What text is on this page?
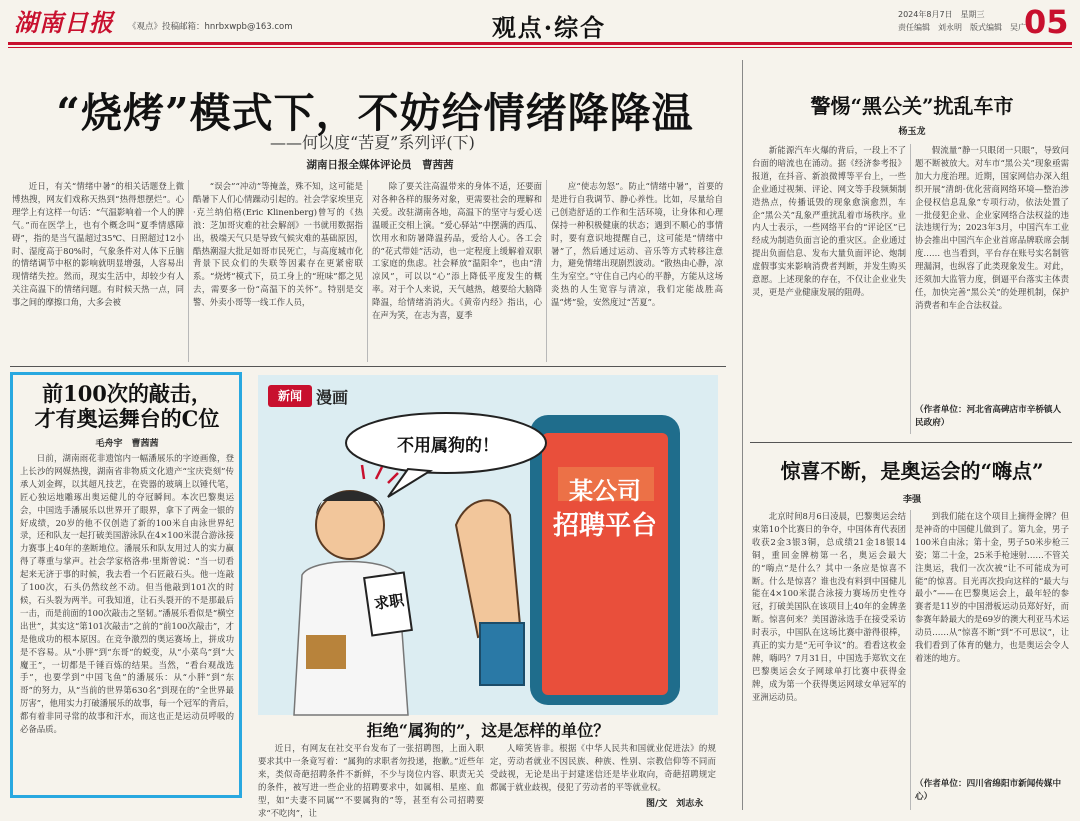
湖南日报	《观点》投稿邮箱：hnrbxwpb@163.com	观点·综合	2024年8月7日　星期三
责任编辑　刘永明　版式编辑　吴广
05
“烧烤”模式下，不妨给情绪降降温
——何以度“苦夏”系列评(下)
湖南日报全媒体评论员　曹茜茜

近日，有关“情绪中暑”的相关话题登上微博热搜，网友们戏称天热到“热得想摆烂”。心理学上有这样一句话：“气温影响着一个人的脾气。”而在医学上，也有个概念叫“夏季情感障碍”，指的是当气温超过35℃、日照超过12小时、湿度高于80%时，气象条件对人体下丘脑的情绪调节中枢的影响就明显增强，人容易出现情绪失控。然而，现实生活中，却较少有人关注高温下的情绪问题。有时候天热一点，同事之间的摩擦口角，大多会被

“误会”“冲动”等掩盖，殊不知，这可能是酷暑下人们心情躁动引起的。社会学家埃里克·克兰纳伯格(Eric Klinenberg)曾写的《热浪：芝加哥灾难的社会解剖》一书就用数据指出，极端天气只是导致气候灾难的基础原因，酷热潮湿大批足如哥市民死亡，与高度城市化背景下民众们的失联等因素存在更紧密联系。“烧烤”模式下，员工身上的“班味”都之见去，需要多一份“高温下的关怀”。特别是交警、外卖小哥等一线工作人员，

除了要关注高温带来的身体不适，还要面对各种各样的服务对象，更需要社会的理解和关爱。改驻湖南各地，高温下的坚守与爱心送温暖正交相上演。“爱心驿站”中摆满的西瓜、饮用水和防暑降温药品，爱给人心。各工会的“花式带娃”活动，也一定程度上缓解着双职工家庭的焦虑。社会释放“温阳伞”，也由“清凉风”，可以以“心”添上降低平度发生的概率。对于个人来说，天气越热，越要给大脑降降温，给情绪消消火。《黄帝内经》指出，心在声为笑，在志为喜，夏季

应“使志勿怒”。防止“情绪中暑”，首要的是进行自我调节、静心养性。比如，尽量给自己创造舒适的工作和生活环境，让身体和心理保持一种积极健康的状态；遇到不顺心的事情时，要有意识地提醒自己，这可能是“情绪中暑”了，然后通过运动、音乐等方式转移注意力，避免情绪出现剧烈波动。“散热由心静，凉生为室空。”守住自己内心的平静，方能从这场炎热的人生宽容与清凉，我们定能战胜高温“烤”验，安然度过“苦夏”。

前100次的敲击，
才有奥运舞台的C位
毛舟宇　曹茜茜

日前，湖南雨花非遗馆内一幅潘展乐的字迹画像，登上长沙的网媒热搜，湖南省非物质文化遗产“宝庆瓷刻”传承人刘金辉，以其超凡技艺，在瓷器的玻璃上以锤代笔，匠心独运地雕琢出奥运健儿的夺冠瞬间。本次巴黎奥运会，中国选手潘展乐以世界开了眼界，拿下了两金一银的好成绩，20岁的他不仅创造了新的100米自由泳世界纪录，还和队友一起打破美国游泳队在4×100米混合游泳接力赛事上40年的垄断地位。潘展乐和队友用过人的实力赢得了尊重与掌声。社会学家格洛弗·里斯曾说：“当一切看起来无济于事的时候，我去看一个石匠敲石头。他一连敲了100次，石头仍然纹丝不动。但当他敲到101次的时候，石头裂为两半。可我知道，让石头裂开的不是那最后一击，而是前面的100次敲击之坚韧。”潘展乐看似是“横空出世”，其实这“第101次敲击”之前的“前100次敲击”，才是他成功的根本原因。在竞争激烈的奥运赛场上，拼成功是不容易。从“小胖”到“东哥”的蜕变，从“小菜鸟”到“大魔王”，一切都是千锤百炼的结果。当然，“看台观战选手”，也要学到“中国飞鱼”的潘展乐：从“小胖”到“东哥”的努力，从“当前的世界第630名”到现在的“全世界最厉害”，他用实力打破潘展乐的故事，每一个冠军的背后，都有着非同寻常的故事和汗水，而这也正是运动员呼吸的必备品质。

新闻 漫画
不用属狗的！
某公司
招聘平台
求职
拒绝“属狗的”，这是怎样的单位？

近日，有网友在社交平台发布了一张招聘图，上面入职要求其中一条竟写着：“属狗的求职者勿投递，抱歉。”近些年来，类似奇葩招聘条件不新鲜，不少与岗位内容、职责无关的条件，被写进一些企业的招聘要求中，如属相、星座、血型，如“夫妻不同属”“不要属狗的”等，甚至有公司招聘要求“不吃肉”，让

人啼笑皆非。根据《中华人民共和国就业促进法》的规定，劳动者就业不因民族、种族、性别、宗教信仰等不同而受歧视，无论是出于封建迷信还是毕业取向，奇葩招聘规定都属于就业歧视，侵犯了劳动者的平等就业权。

图/文　刘志永
警惕“黑公关”扰乱车市
杨玉龙

新能源汽车火爆的背后，一段上不了台面的暗流也在涌动。据《经济参考报》报道，在抖音、新浪微博等平台上，一些企业通过视频、评论、网文等手段频频制造热点，传播诋毁的现象愈演愈烈，车企“黑公关”乱象严重扰乱着市场秩序。业内人士表示，一些网络平台的“评论区”已经成为制造负面言论的重灾区。企业通过提出负面信息、发布大量负面评论、炮制虚假事实来影响消费者判断，并发生购买意愿。上述现象的存在，不仅让企业业失灵，更是产业健康发展的阻碍。

假流量“静一只眼闭一只眼”，导致问题不断被放大。对车市“黑公关”现象亟需加大力度治理。近期，国家网信办深入组织开展“清朗·优化营商网络环境—整治涉企侵权信息乱象”专项行动，依法处置了一批侵犯企业、企业家网络合法权益的违法违规行为；2023年3月，中国汽车工业协会推出中国汽车企业首席品牌联席会制度…… 也当看到，平台存在账号实名制管理漏洞，也纵容了此类现象发生。对此，还须加大监管力度，倒逼平台落实主体责任，加快完善“黑公关”的处理机制，保护消费者和车企合法权益。

（作者单位：河北省高碑店市辛桥镇人民政府）
惊喜不断，是奥运会的“嗨点”
李强

北京时间8月6日凌晨，巴黎奥运会结束第10个比赛日的争夺，中国体育代表团收获2金3银3铜，总成绩21金18银14铜，重回金牌榜第一名，奥运会最大的“嗨点”是什么？其中一条应是惊喜不断。什么是惊喜？谁也没有料到中国健儿能在4×100米混合泳接力赛场历史性夺冠，打破美国队在该项目上40年的金牌垄断。惊喜何来？美国游泳选手在接受采访时表示，中国队在这场比赛中游得很棒，真正的实力是“无可争议”的。看看这枚金牌，嗨吗？7月31日，中国选手郑钦文在巴黎奥运会女子网球单打比赛中获得金牌，成为第一个获得奥运网球女单冠军的亚洲运动员。

到我们能在这个项目上摘得金牌？但是神奇的中国健儿做到了。第九金，男子100米自由泳；第十金，男子50米步枪三姿；第二十金，25米手枪速射……不管关注奥运，我们一次次被“让不可能成为可能”的惊喜。目光再次投向这样的“最大与最小”——在巴黎奥运会上，最年轻的参赛者是11岁的中国滑板运动员郑好好，而参赛年龄最大的是69岁的澳大利亚马术运动员……从“惊喜不断”到“不可思议”，让我们看到了体育的魅力，也是奥运会令人着迷的地方。

（作者单位：四川省绵阳市新闻传媒中心）
